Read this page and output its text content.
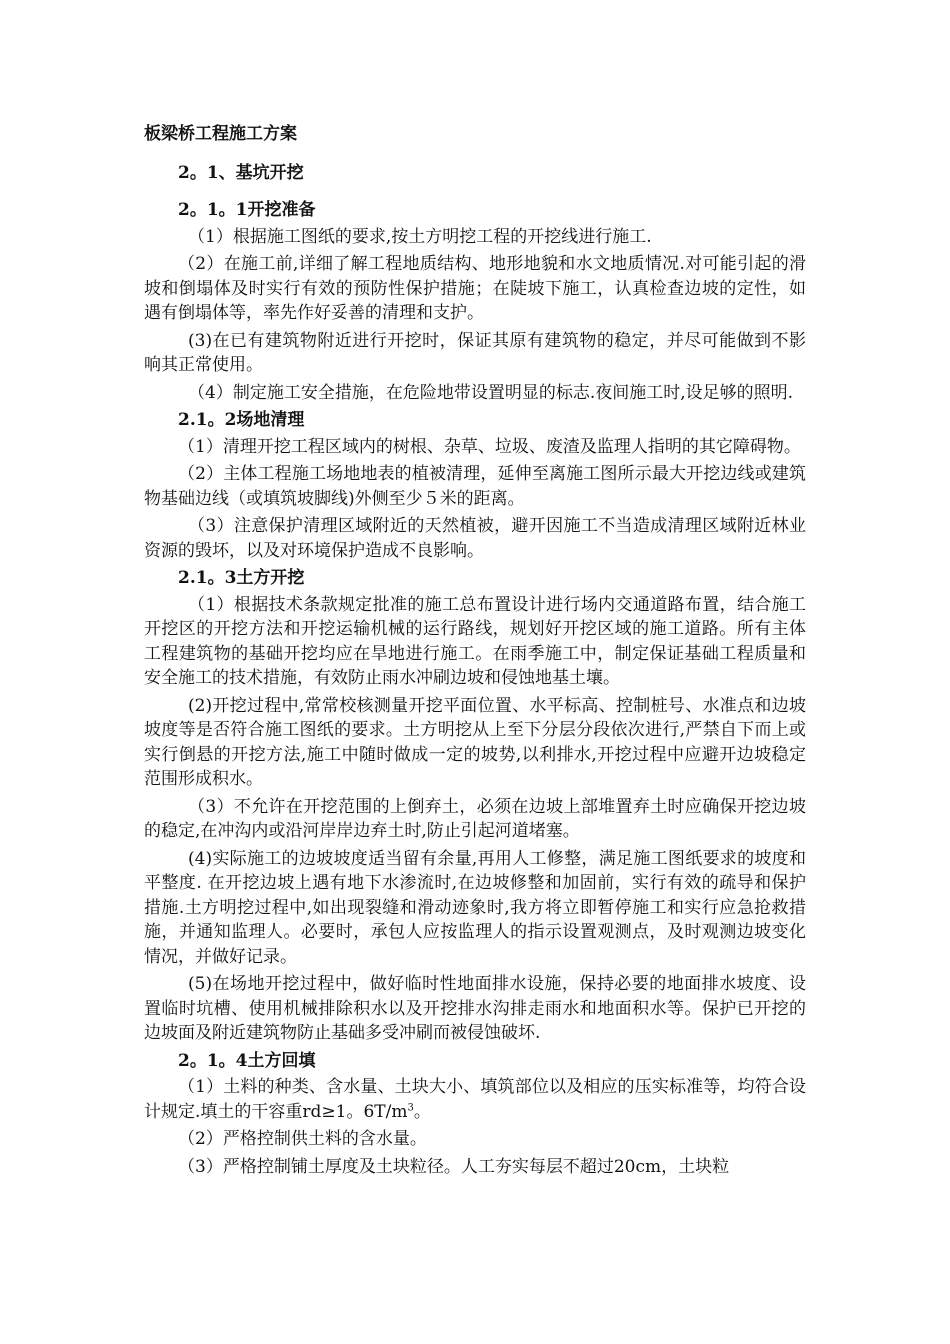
板梁桥工程施工方案
2。1、基坑开挖
2。1。1开挖准备
（1）根据施工图纸的要求,按土方明挖工程的开挖线进行施工.
（2）在施工前,详细了解工程地质结构、地形地貌和水文地质情况.对可能引起的滑坡和倒塌体及时实行有效的预防性保护措施；在陡坡下施工，认真检查边坡的定性，如遇有倒塌体等，率先作好妥善的清理和支护。
(3)在已有建筑物附近进行开挖时，保证其原有建筑物的稳定，并尽可能做到不影响其正常使用。
（4）制定施工安全措施，在危险地带设置明显的标志.夜间施工时,设足够的照明.
2.1。2场地清理
（1）清理开挖工程区域内的树根、杂草、垃圾、废渣及监理人指明的其它障碍物。
（2）主体工程施工场地地表的植被清理，延伸至离施工图所示最大开挖边线或建筑物基础边线（或填筑坡脚线)外侧至少５米的距离。
（3）注意保护清理区域附近的天然植被，避开因施工不当造成清理区域附近林业资源的毁坏，以及对环境保护造成不良影响。
2.1。3土方开挖
（1）根据技术条款规定批准的施工总布置设计进行场内交通道路布置，结合施工开挖区的开挖方法和开挖运输机械的运行路线，规划好开挖区域的施工道路。所有主体工程建筑物的基础开挖均应在旱地进行施工。在雨季施工中，制定保证基础工程质量和安全施工的技术措施，有效防止雨水冲刷边坡和侵蚀地基土壤。
(2)开挖过程中,常常校核测量开挖平面位置、水平标高、控制桩号、水准点和边坡坡度等是否符合施工图纸的要求。土方明挖从上至下分层分段依次进行,严禁自下而上或实行倒悬的开挖方法,施工中随时做成一定的坡势,以利排水,开挖过程中应避开边坡稳定范围形成积水。
（3）不允许在开挖范围的上倒弃土，必须在边坡上部堆置弃土时应确保开挖边坡的稳定,在冲沟内或沿河岸岸边弃土时,防止引起河道堵塞。
(4)实际施工的边坡坡度适当留有余量,再用人工修整，满足施工图纸要求的坡度和平整度. 在开挖边坡上遇有地下水渗流时,在边坡修整和加固前，实行有效的疏导和保护措施.土方明挖过程中,如出现裂缝和滑动迹象时,我方将立即暂停施工和实行应急抢救措施，并通知监理人。必要时，承包人应按监理人的指示设置观测点，及时观测边坡变化情况，并做好记录。
(5)在场地开挖过程中，做好临时性地面排水设施，保持必要的地面排水坡度、设置临时坑槽、使用机械排除积水以及开挖排水沟排走雨水和地面积水等。保护已开挖的边坡面及附近建筑物防止基础多受冲刷而被侵蚀破坏.
2。1。4土方回填
（1）土料的种类、含水量、土块大小、填筑部位以及相应的压实标准等，均符合设计规定.填土的干容重rd≥1。$6T/m^3$。
（2）严格控制供土料的含水量。
（3）严格控制铺土厚度及土块粒径。人工夯实每层不超过20cm，土块粒
